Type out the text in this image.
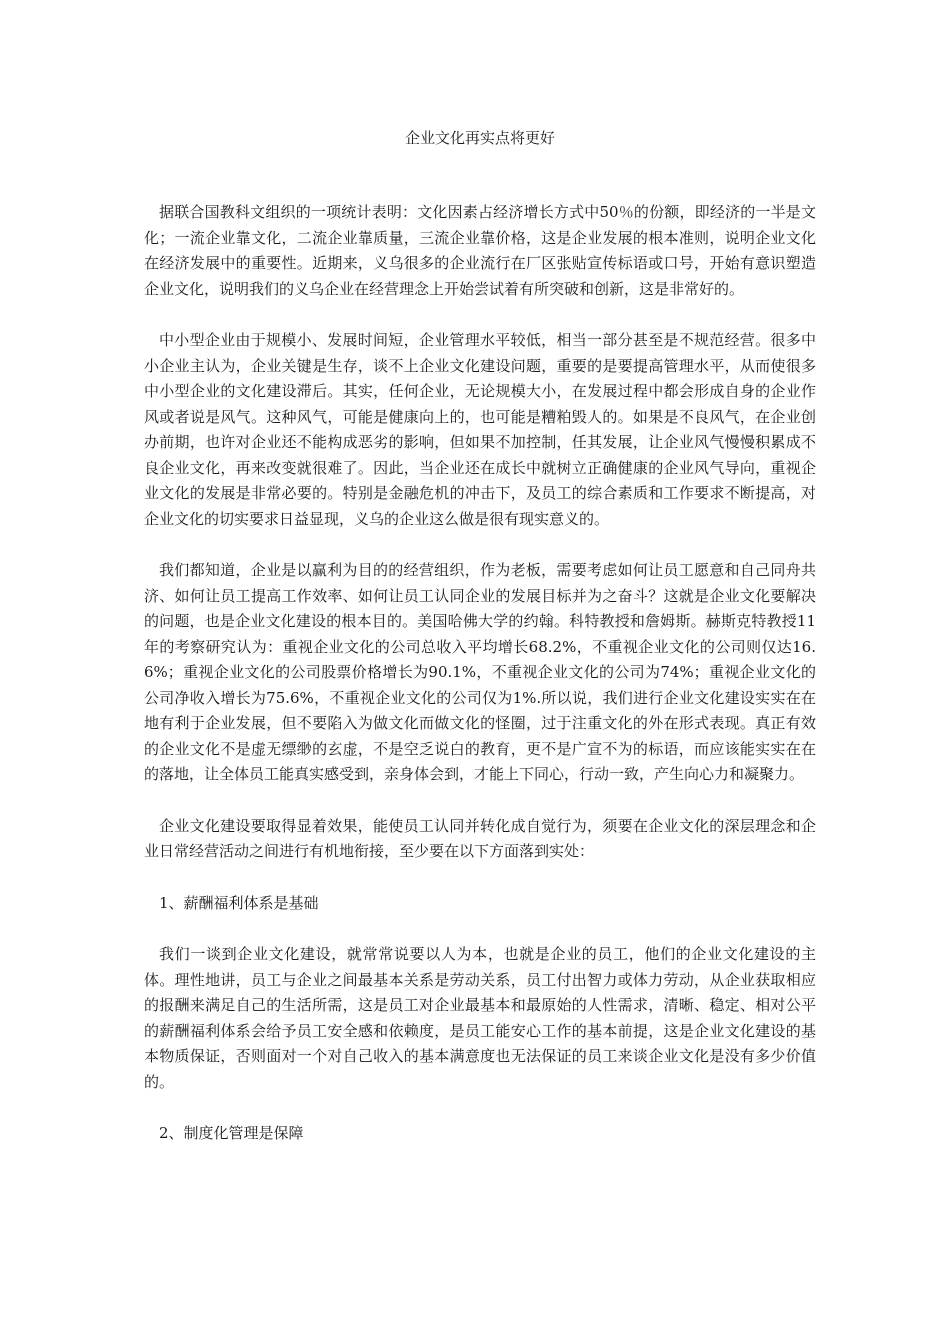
企业文化再实点将更好

据联合国教科文组织的一项统计表明：文化因素占经济增长方式中50％的份额，即经济的一半是文化；一流企业靠文化，二流企业靠质量，三流企业靠价格，这是企业发展的根本准则，说明企业文化在经济发展中的重要性。近期来，义乌很多的企业流行在厂区张贴宣传标语或口号，开始有意识塑造企业文化，说明我们的义乌企业在经营理念上开始尝试着有所突破和创新，这是非常好的。

中小型企业由于规模小、发展时间短，企业管理水平较低，相当一部分甚至是不规范经营。很多中小企业主认为，企业关键是生存，谈不上企业文化建设问题，重要的是要提高管理水平，从而使很多中小型企业的文化建设滞后。其实，任何企业，无论规模大小，在发展过程中都会形成自身的企业作风或者说是风气。这种风气，可能是健康向上的，也可能是糟粕毁人的。如果是不良风气，在企业创办前期，也许对企业还不能构成恶劣的影响，但如果不加控制，任其发展，让企业风气慢慢积累成不良企业文化，再来改变就很难了。因此，当企业还在成长中就树立正确健康的企业风气导向，重视企业文化的发展是非常必要的。特别是金融危机的冲击下，及员工的综合素质和工作要求不断提高，对企业文化的切实要求日益显现，义乌的企业这么做是很有现实意义的。

我们都知道，企业是以赢利为目的的经营组织，作为老板，需要考虑如何让员工愿意和自己同舟共济、如何让员工提高工作效率、如何让员工认同企业的发展目标并为之奋斗？这就是企业文化要解决的问题，也是企业文化建设的根本目的。美国哈佛大学的约翰。科特教授和詹姆斯。赫斯克特教授11年的考察研究认为：重视企业文化的公司总收入平均增长68.2%，不重视企业文化的公司则仅达16.6%；重视企业文化的公司股票价格增长为90.1%，不重视企业文化的公司为74%；重视企业文化的公司净收入增长为75.6%，不重视企业文化的公司仅为1%.所以说，我们进行企业文化建设实实在在地有利于企业发展，但不要陷入为做文化而做文化的怪圈，过于注重文化的外在形式表现。真正有效的企业文化不是虚无缥缈的玄虚，不是空乏说白的教育，更不是广宣不为的标语，而应该能实实在在的落地，让全体员工能真实感受到，亲身体会到，才能上下同心，行动一致，产生向心力和凝聚力。

企业文化建设要取得显着效果，能使员工认同并转化成自觉行为，须要在企业文化的深层理念和企业日常经营活动之间进行有机地衔接，至少要在以下方面落到实处：

1、薪酬福利体系是基础

我们一谈到企业文化建设，就常常说要以人为本，也就是企业的员工，他们的企业文化建设的主体。理性地讲，员工与企业之间最基本关系是劳动关系，员工付出智力或体力劳动，从企业获取相应的报酬来满足自己的生活所需，这是员工对企业最基本和最原始的人性需求，清晰、稳定、相对公平的薪酬福利体系会给予员工安全感和依赖度，是员工能安心工作的基本前提，这是企业文化建设的基本物质保证，否则面对一个对自己收入的基本满意度也无法保证的员工来谈企业文化是没有多少价值的。

2、制度化管理是保障
